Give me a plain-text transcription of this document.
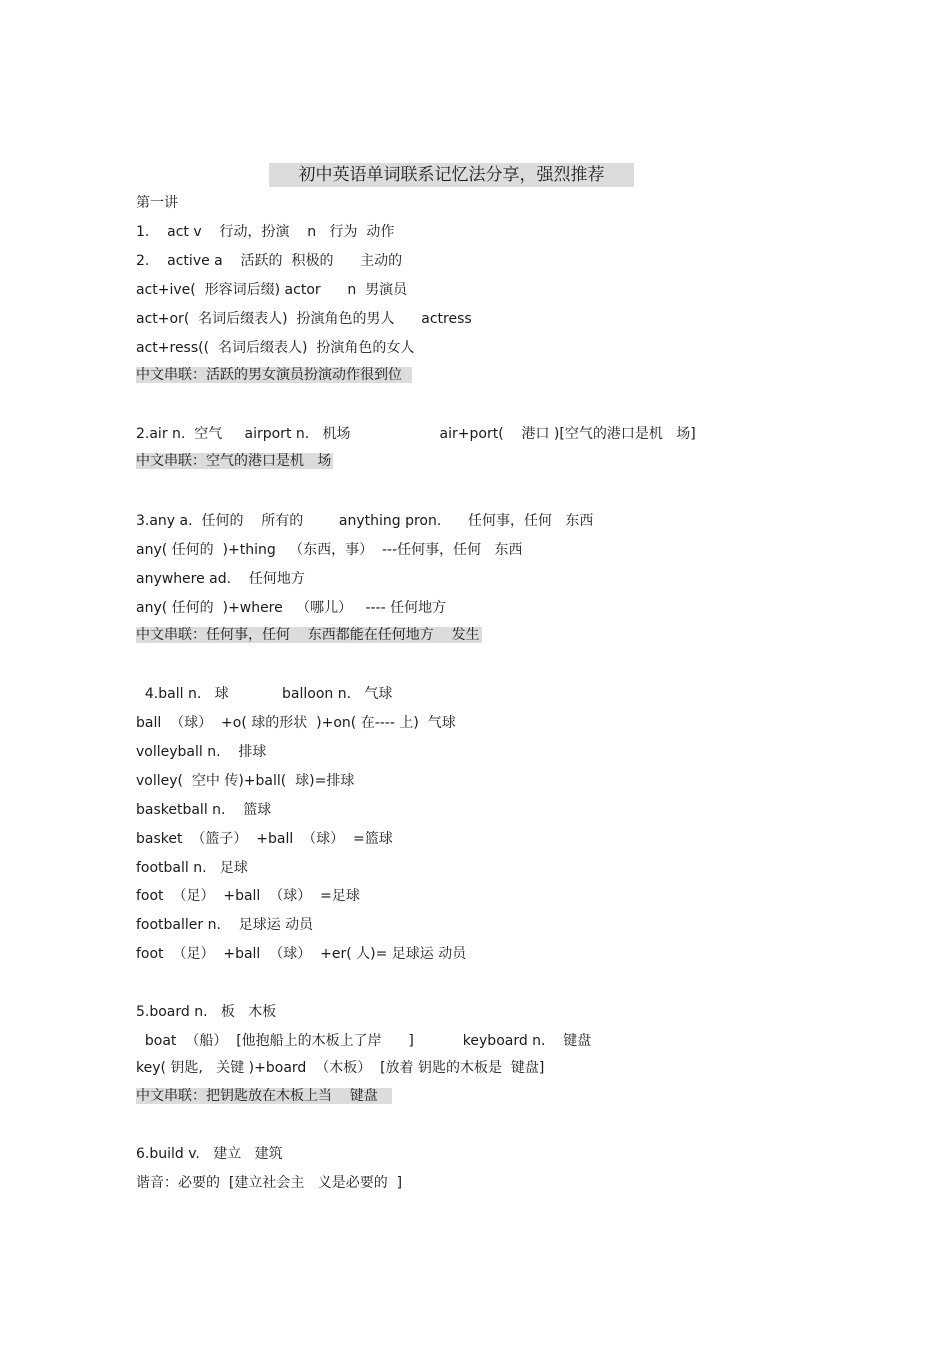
初中英语单词联系记忆法分享，强烈推荐
第一讲
1.    act v    行动，扮演    n   行为  动作
2.    active a    活跃的  积极的      主动的
act+ive(  形容词后缀) actor      n  男演员
act+or(  名词后缀表人)  扮演角色的男人      actress
act+ress((  名词后缀表人)  扮演角色的女人
中文串联：活跃的男女演员扮演动作很到位
2.air n.  空气     airport n.   机场                    air+port(    港口 )[空气的港口是机   场]
中文串联：空气的港口是机   场
3.any a.  任何的    所有的        anything pron.      任何事，任何   东西
any( 任何的  )+thing   （东西，事）  ---任何事，任何   东西
anywhere ad.    任何地方
any( 任何的  )+where   （哪儿）   ---- 任何地方
中文串联：任何事，任何    东西都能在任何地方    发生
4.ball n.   球            balloon n.   气球
ball  （球）  +o( 球的形状  )+on( 在---- 上)  气球
volleyball n.    排球
volley(  空中 传)+ball(  球)=排球
basketball n.    篮球
basket  （篮子）  +ball  （球）  =篮球
football n.   足球
foot  （足）  +ball  （球）  =足球
footballer n.    足球运 动员
foot  （足）  +ball  （球）  +er( 人)= 足球运 动员
5.board n.   板   木板
boat  （船）  [他抱船上的木板上了岸      ]           keyboard n.    键盘
key( 钥匙,   关键 )+board  （木板）  [放着 钥匙的木板是  键盘]
中文串联：把钥匙放在木板上当    键盘
6.build v.   建立   建筑
谐音：必要的  [建立社会主   义是必要的  ]
